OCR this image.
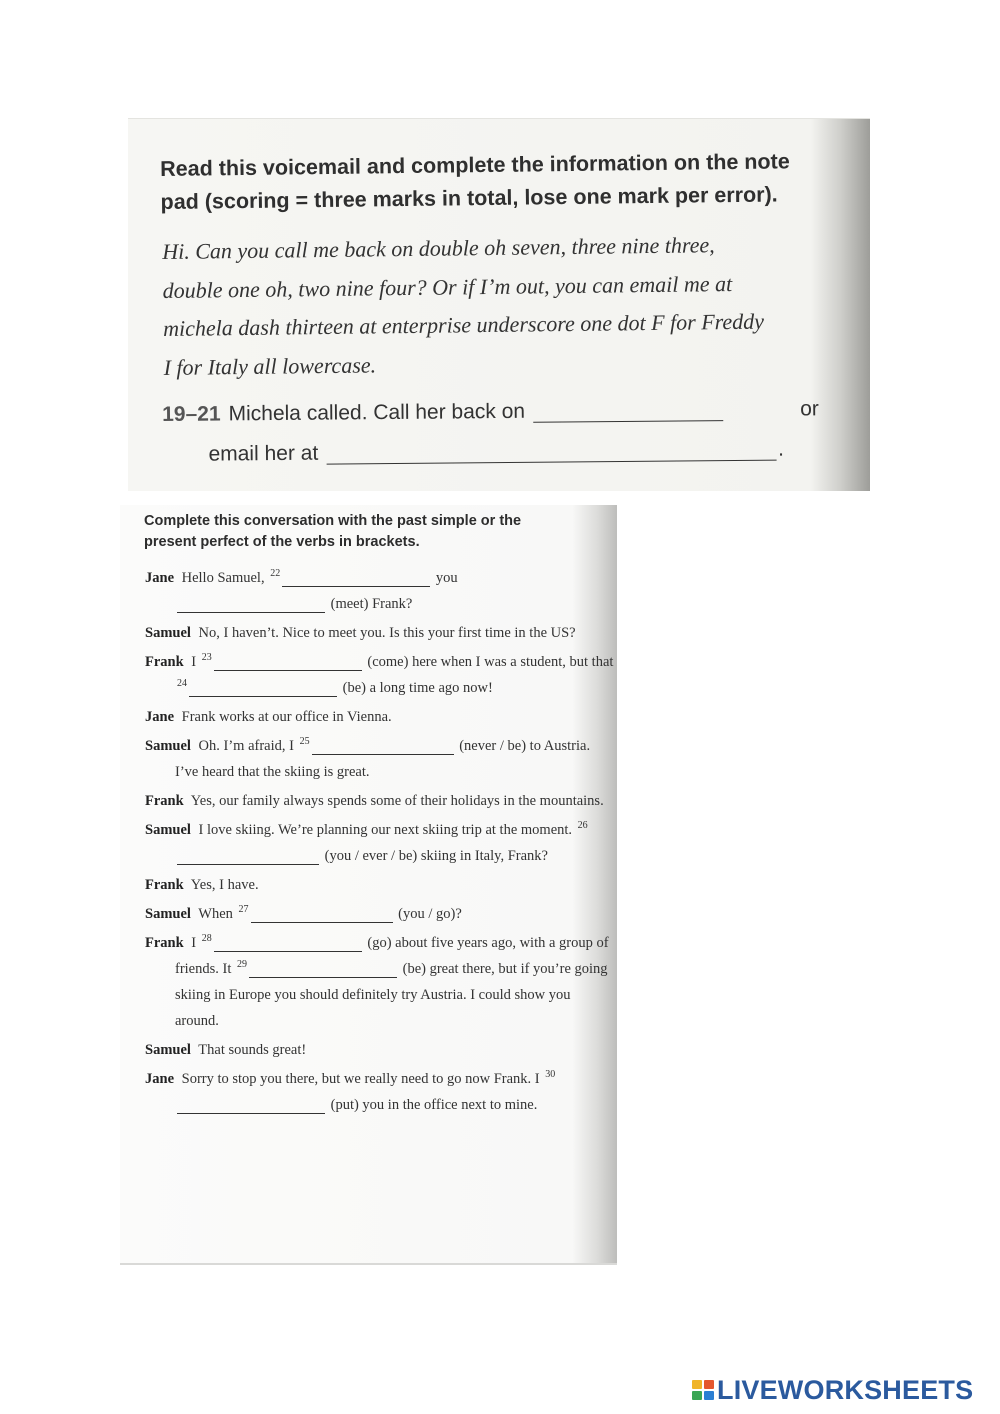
Read this voicemail and complete the information on the note
pad (scoring = three marks in total, lose one mark per error).
Hi. Can you call me back on double oh seven, three nine three,
double one oh, two nine four? Or if I’m out, you can email me at
michela dash thirteen at enterprise underscore one dot F for Freddy
I for Italy all lowercase.
19–21 Michela called. Call her back on	or
email her at	.
Complete this conversation with the past simple or the
present perfect of the verbs in brackets.
Jane Hello Samuel, $^{22}$	you
(meet) Frank?
Samuel No, I haven’t. Nice to meet you. Is this your first time in the US?
Frank I $^{23}$	(come) here when I was a student, but that $^{24}$	(be) a long time ago now!
Jane Frank works at our office in Vienna.
Samuel Oh. I’m afraid, I $^{25}$	(never / be) to Austria. I’ve heard that the skiing is great.
Frank Yes, our family always spends some of their holidays in the mountains.
Samuel I love skiing. We’re planning our next skiing trip at the moment. $^{26}$ (you / ever / be) skiing in Italy, Frank?
Frank Yes, I have.
Samuel When $^{27}$	(you / go)?
Frank I $^{28}$	(go) about five years ago, with a group of friends. It $^{29}$	(be) great there, but if you’re going skiing in Europe you should definitely try Austria. I could show you around.
Samuel That sounds great!
Jane Sorry to stop you there, but we really need to go now Frank. I $^{30}$ (put) you in the office next to mine.
LIVEWORKSHEETS
